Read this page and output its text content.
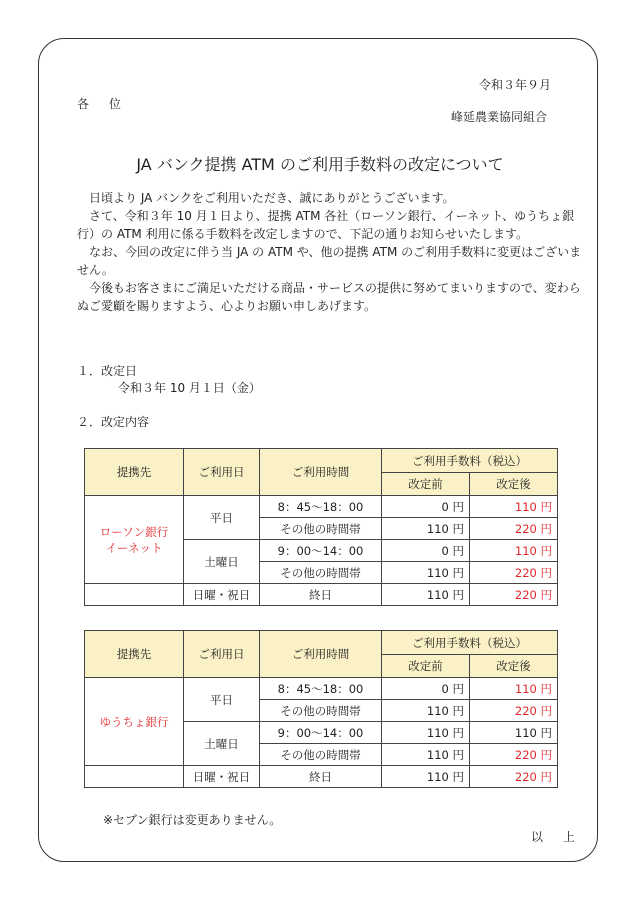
令和３年９月
各 位
峰延農業協同組合
JA バンク提携 ATM のご利用手数料の改定について

日頃より JA バンクをご利用いただき、誠にありがとうございます。

さて、令和３年 10 月１日より、提携 ATM 各社（ローソン銀行、イーネット、ゆうちょ銀行）の ATM 利用に係る手数料を改定しますので、下記の通りお知らせいたします。

なお、今回の改定に伴う当 JA の ATM や、他の提携 ATM のご利用手数料に変更はございません。

今後もお客さまにご満足いただける商品・サービスの提供に努めてまいりますので、変わらぬご愛顧を賜りますよう、心よりお願い申しあげます。

１．改定日
令和３年 10 月１日（金）
２．改定内容
提携先	ご利用日	ご利用時間	ご利用手数料（税込）	
			改定前	改定後
ローソン銀行
イーネット	平日	8：45～18：00	0 円	110 円
		その他の時間帯	110 円	220 円
	土曜日	9：00～14：00	0 円	110 円
		その他の時間帯	110 円	220 円
	日曜・祝日	終日	110 円	220 円
提携先	ご利用日	ご利用時間	ご利用手数料（税込）	
			改定前	改定後
ゆうちょ銀行	平日	8：45～18：00	0 円	110 円
		その他の時間帯	110 円	220 円
	土曜日	9：00～14：00	110 円	110 円
		その他の時間帯	110 円	220 円
	日曜・祝日	終日	110 円	220 円
※セブン銀行は変更ありません。
以 上
